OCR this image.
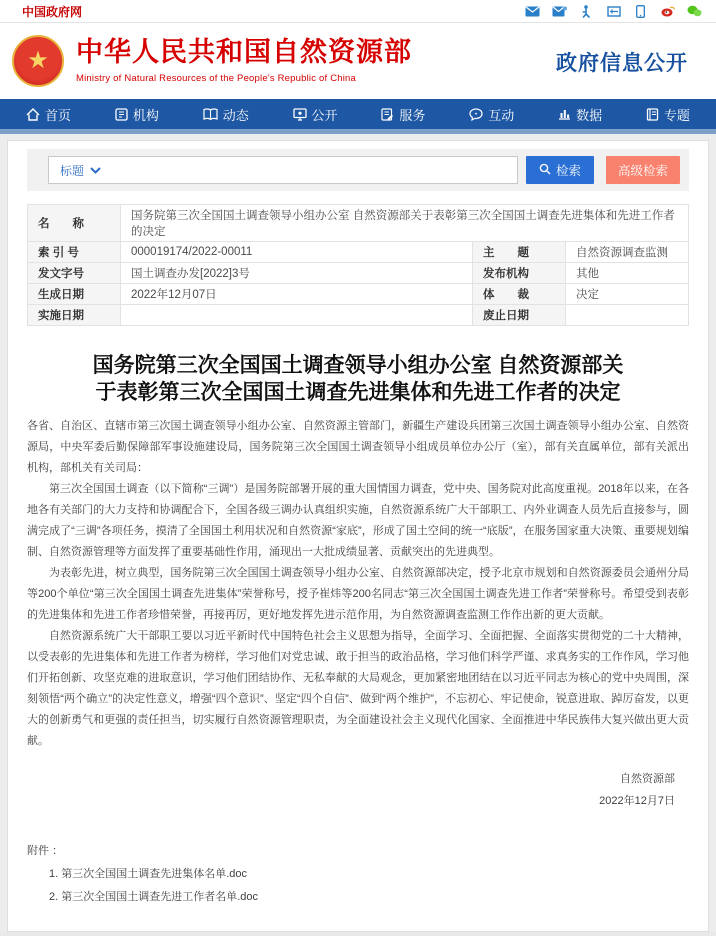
中国政府网
★	中华人民共和国自然资源部
Ministry of Natural Resources of the People's Republic of China
政府信息公开
首页	机构	动态	公开	服务	互动	数据	专题
标题	检索	高级检索
名　　称	国务院第三次全国国土调查领导小组办公室 自然资源部关于表彰第三次全国国土调查先进集体和先进工作者的决定		
索 引 号	000019174/2022-00011	主　　题	自然资源调查监测
发文字号	国土调查办发[2022]3号	发布机构	其他
生成日期	2022年12月07日	体　　裁	决定
实施日期		废止日期	
国务院第三次全国国土调查领导小组办公室 自然资源部关于表彰第三次全国国土调查先进集体和先进工作者的决定

各省、自治区、直辖市第三次国土调查领导小组办公室、自然资源主管部门，新疆生产建设兵团第三次国土调查领导小组办公室、自然资源局，中央军委后勤保障部军事设施建设局，国务院第三次全国国土调查领导小组成员单位办公厅（室），部有关直属单位，部有关派出机构，部机关有关司局：

第三次全国国土调查（以下简称“三调”）是国务院部署开展的重大国情国力调查，党中央、国务院对此高度重视。2018年以来，在各地各有关部门的大力支持和协调配合下，全国各级三调办认真组织实施，自然资源系统广大干部职工、内外业调查人员先后直接参与，圆满完成了“三调”各项任务，摸清了全国国土利用状况和自然资源“家底”，形成了国土空间的统一“底版”，在服务国家重大决策、重要规划编制、自然资源管理等方面发挥了重要基础性作用，涌现出一大批成绩显著、贡献突出的先进典型。

为表彰先进，树立典型，国务院第三次全国国土调查领导小组办公室、自然资源部决定，授予北京市规划和自然资源委员会通州分局等200个单位“第三次全国国土调查先进集体”荣誉称号，授予崔炜等200名同志“第三次全国国土调查先进工作者”荣誉称号。希望受到表彰的先进集体和先进工作者珍惜荣誉，再接再厉，更好地发挥先进示范作用，为自然资源调查监测工作作出新的更大贡献。

自然资源系统广大干部职工要以习近平新时代中国特色社会主义思想为指导，全面学习、全面把握、全面落实贯彻党的二十大精神，以受表彰的先进集体和先进工作者为榜样，学习他们对党忠诚、敢于担当的政治品格，学习他们科学严谨、求真务实的工作作风，学习他们开拓创新、攻坚克难的进取意识，学习他们团结协作、无私奉献的大局观念，更加紧密地团结在以习近平同志为核心的党中央周围，深刻领悟“两个确立”的决定性意义，增强“四个意识”、坚定“四个自信”、做到“两个维护”，不忘初心、牢记使命，锐意进取、踔厉奋发，以更大的创新勇气和更强的责任担当，切实履行自然资源管理职责，为全面建设社会主义现代化国家、全面推进中华民族伟大复兴做出更大贡献。

自然资源部
2022年12月7日
附件 ：
1. 第三次全国国土调查先进集体名单.doc
2. 第三次全国国土调查先进工作者名单.doc
